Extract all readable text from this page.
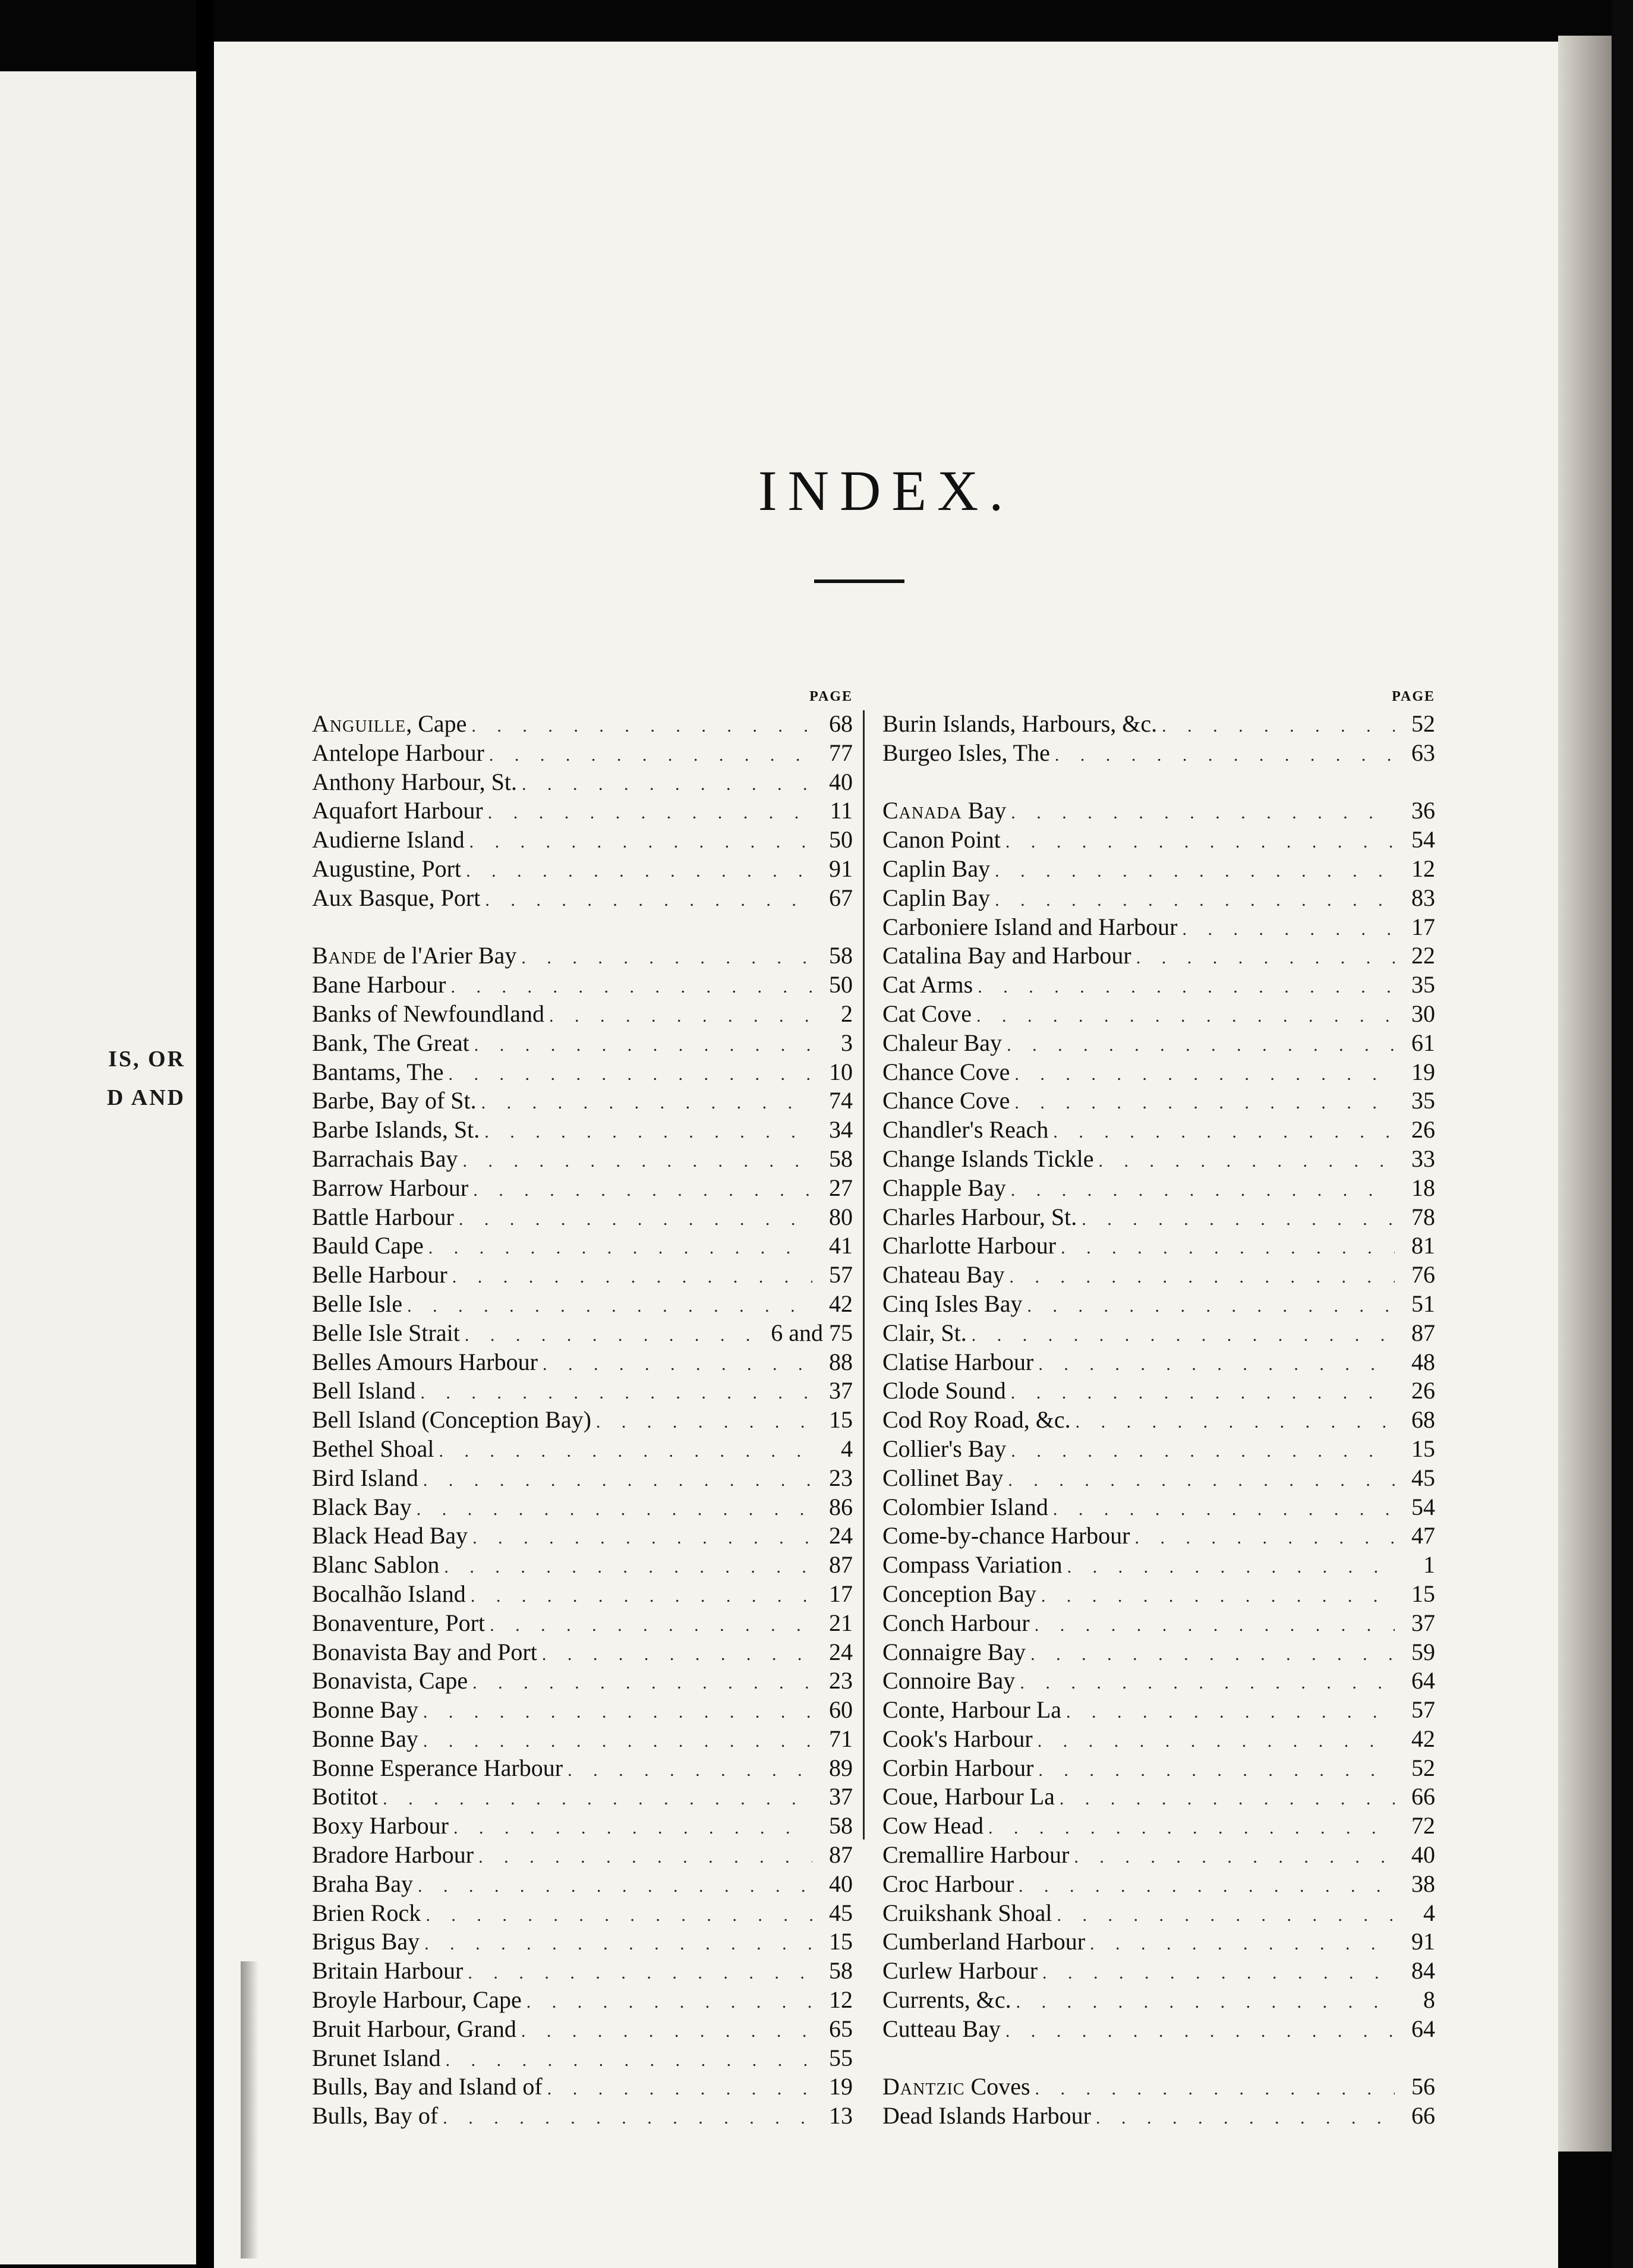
IS, OR
D AND
INDEX.
PAGE
Anguille, Cape . . .	68
Antelope Harbour . . .	77
Anthony Harbour, St. . . .	40
Aquafort Harbour . . .	11
Audierne Island . . .	50
Augustine, Port . . .	91
Aux Basque, Port . . .	67
Bande de l'Arier Bay . . .	58
Bane Harbour . . .	50
Banks of Newfoundland . . .	2
Bank, The Great . . .	3
Bantams, The . . .	10
Barbe, Bay of St. . . .	74
Barbe Islands, St. . . .	34
Barrachais Bay . . .	58
Barrow Harbour . . .	27
Battle Harbour . . .	80
Bauld Cape . . .	41
Belle Harbour . . .	57
Belle Isle . . .	42
Belle Isle Strait . . .	6 and 75
Belles Amours Harbour . . .	88
Bell Island . . .	37
Bell Island (Conception Bay) . . .	15
Bethel Shoal . . .	4
Bird Island . . .	23
Black Bay . . .	86
Black Head Bay . . .	24
Blanc Sablon . . .	87
Bocalhão Island . . .	17
Bonaventure, Port . . .	21
Bonavista Bay and Port . . .	24
Bonavista, Cape . . .	23
Bonne Bay . . .	60
Bonne Bay . . .	71
Bonne Esperance Harbour . . .	89
Botitot . . .	37
Boxy Harbour . . .	58
Bradore Harbour . . .	87
Braha Bay . . .	40
Brien Rock . . .	45
Brigus Bay . . .	15
Britain Harbour . . .	58
Broyle Harbour, Cape . . .	12
Bruit Harbour, Grand . . .	65
Brunet Island . . .	55
Bulls, Bay and Island of . . .	19
Bulls, Bay of . . .	13
PAGE
Burin Islands, Harbours, &c. . . .	52
Burgeo Isles, The . . .	63
Canada Bay . . .	36
Canon Point . . .	54
Caplin Bay . . .	12
Caplin Bay . . .	83
Carboniere Island and Harbour . . .	17
Catalina Bay and Harbour . . .	22
Cat Arms . . .	35
Cat Cove . . .	30
Chaleur Bay . . .	61
Chance Cove . . .	19
Chance Cove . . .	35
Chandler's Reach . . .	26
Change Islands Tickle . . .	33
Chapple Bay . . .	18
Charles Harbour, St. . . .	78
Charlotte Harbour . . .	81
Chateau Bay . . .	76
Cinq Isles Bay . . .	51
Clair, St. . . .	87
Clatise Harbour . . .	48
Clode Sound . . .	26
Cod Roy Road, &c. . . .	68
Collier's Bay . . .	15
Collinet Bay . . .	45
Colombier Island . . .	54
Come-by-chance Harbour . . .	47
Compass Variation . . .	1
Conception Bay . . .	15
Conch Harbour . . .	37
Connaigre Bay . . .	59
Connoire Bay . . .	64
Conte, Harbour La . . .	57
Cook's Harbour . . .	42
Corbin Harbour . . .	52
Coue, Harbour La . . .	66
Cow Head . . .	72
Cremallire Harbour . . .	40
Croc Harbour . . .	38
Cruikshank Shoal . . .	4
Cumberland Harbour . . .	91
Curlew Harbour . . .	84
Currents, &c. . . .	8
Cutteau Bay . . .	64
Dantzic Coves . . .	56
Dead Islands Harbour . . .	66
